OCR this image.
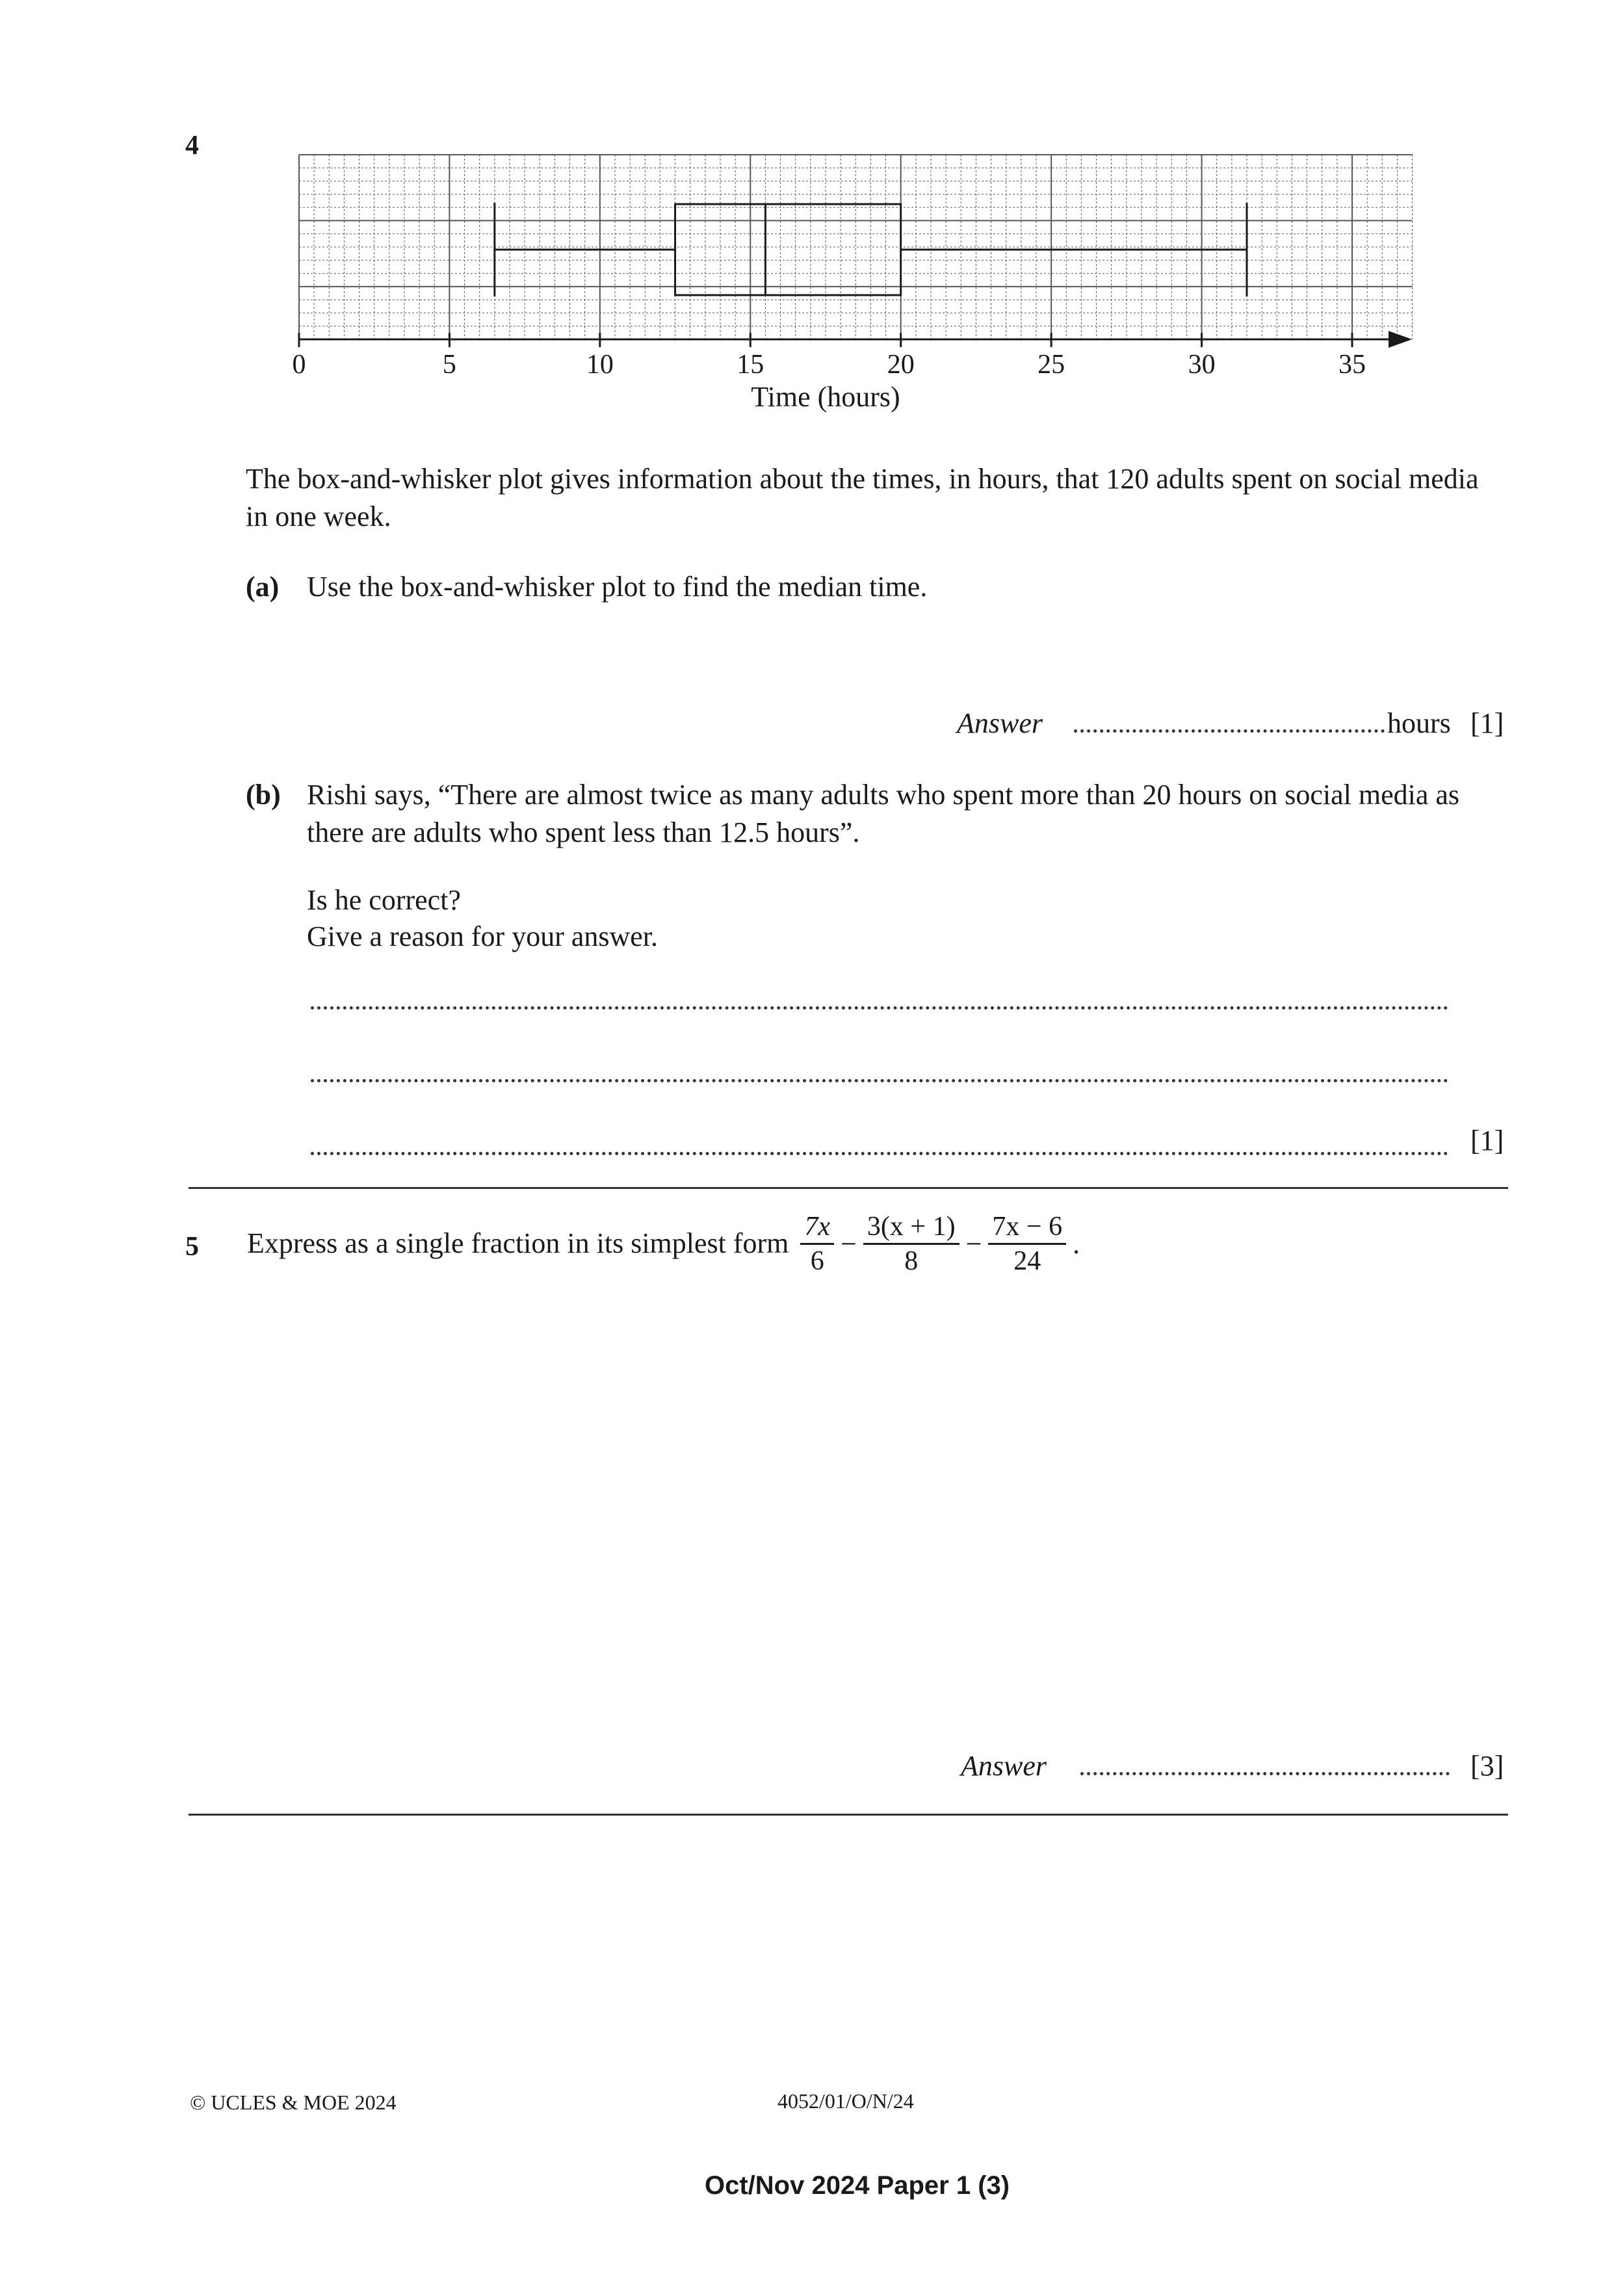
4
0	5	10	15	20	25	30	35
Time (hours)
The box-and-whisker plot gives information about the times, in hours, that 120 adults spent on social media in one week.
(a) Use the box-and-whisker plot to find the median time.
Answer	hours [1]
(b) Rishi says, “There are almost twice as many adults who spent more than 20 hours on social media as there are adults who spent less than 12.5 hours”.
Is he correct?
Give a reason for your answer.
[1]
5 Express as a single fraction in its simplest form $\frac{7x}{6} - \frac{3(x + 1)}{8} - \frac{7x - 6}{24}$ .
Answer	[3]
© UCLES & MOE 2024	4052/01/O/N/24
Oct/Nov 2024 Paper 1 (3)
